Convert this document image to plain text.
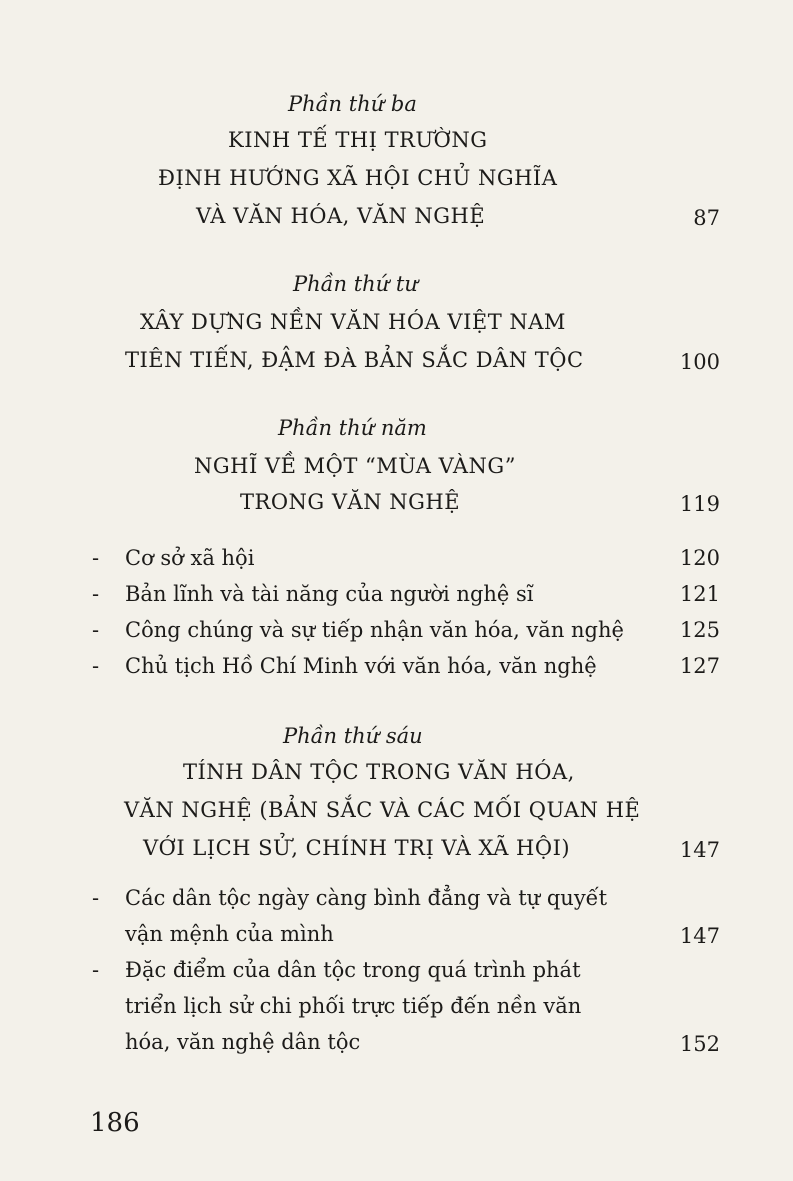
Phần thứ ba
KINH TẾ THỊ TRƯỜNG
ĐỊNH HƯỚNG XÃ HỘI CHỦ NGHĨA
VÀ VĂN HÓA, VĂN NGHỆ	87
Phần thứ tư
XÂY DỰNG NỀN VĂN HÓA VIỆT NAM
TIÊN TIẾN, ĐẬM ĐÀ BẢN SẮC DÂN TỘC	100
Phần thứ năm
NGHĨ VỀ MỘT “MÙA VÀNG”
TRONG VĂN NGHỆ	119
- Cơ sở xã hội	120
- Bản lĩnh và tài năng của người nghệ sĩ	121
- Công chúng và sự tiếp nhận văn hóa, văn nghệ	125
- Chủ tịch Hồ Chí Minh với văn hóa, văn nghệ	127
Phần thứ sáu
TÍNH DÂN TỘC TRONG VĂN HÓA,
VĂN NGHỆ (BẢN SẮC VÀ CÁC MỐI QUAN HỆ
VỚI LỊCH SỬ, CHÍNH TRỊ VÀ XÃ HỘI)	147
- Các dân tộc ngày càng bình đẳng và tự quyết
vận mệnh của mình	147
- Đặc điểm của dân tộc trong quá trình phát
triển lịch sử chi phối trực tiếp đến nền văn
hóa, văn nghệ dân tộc	152
186
